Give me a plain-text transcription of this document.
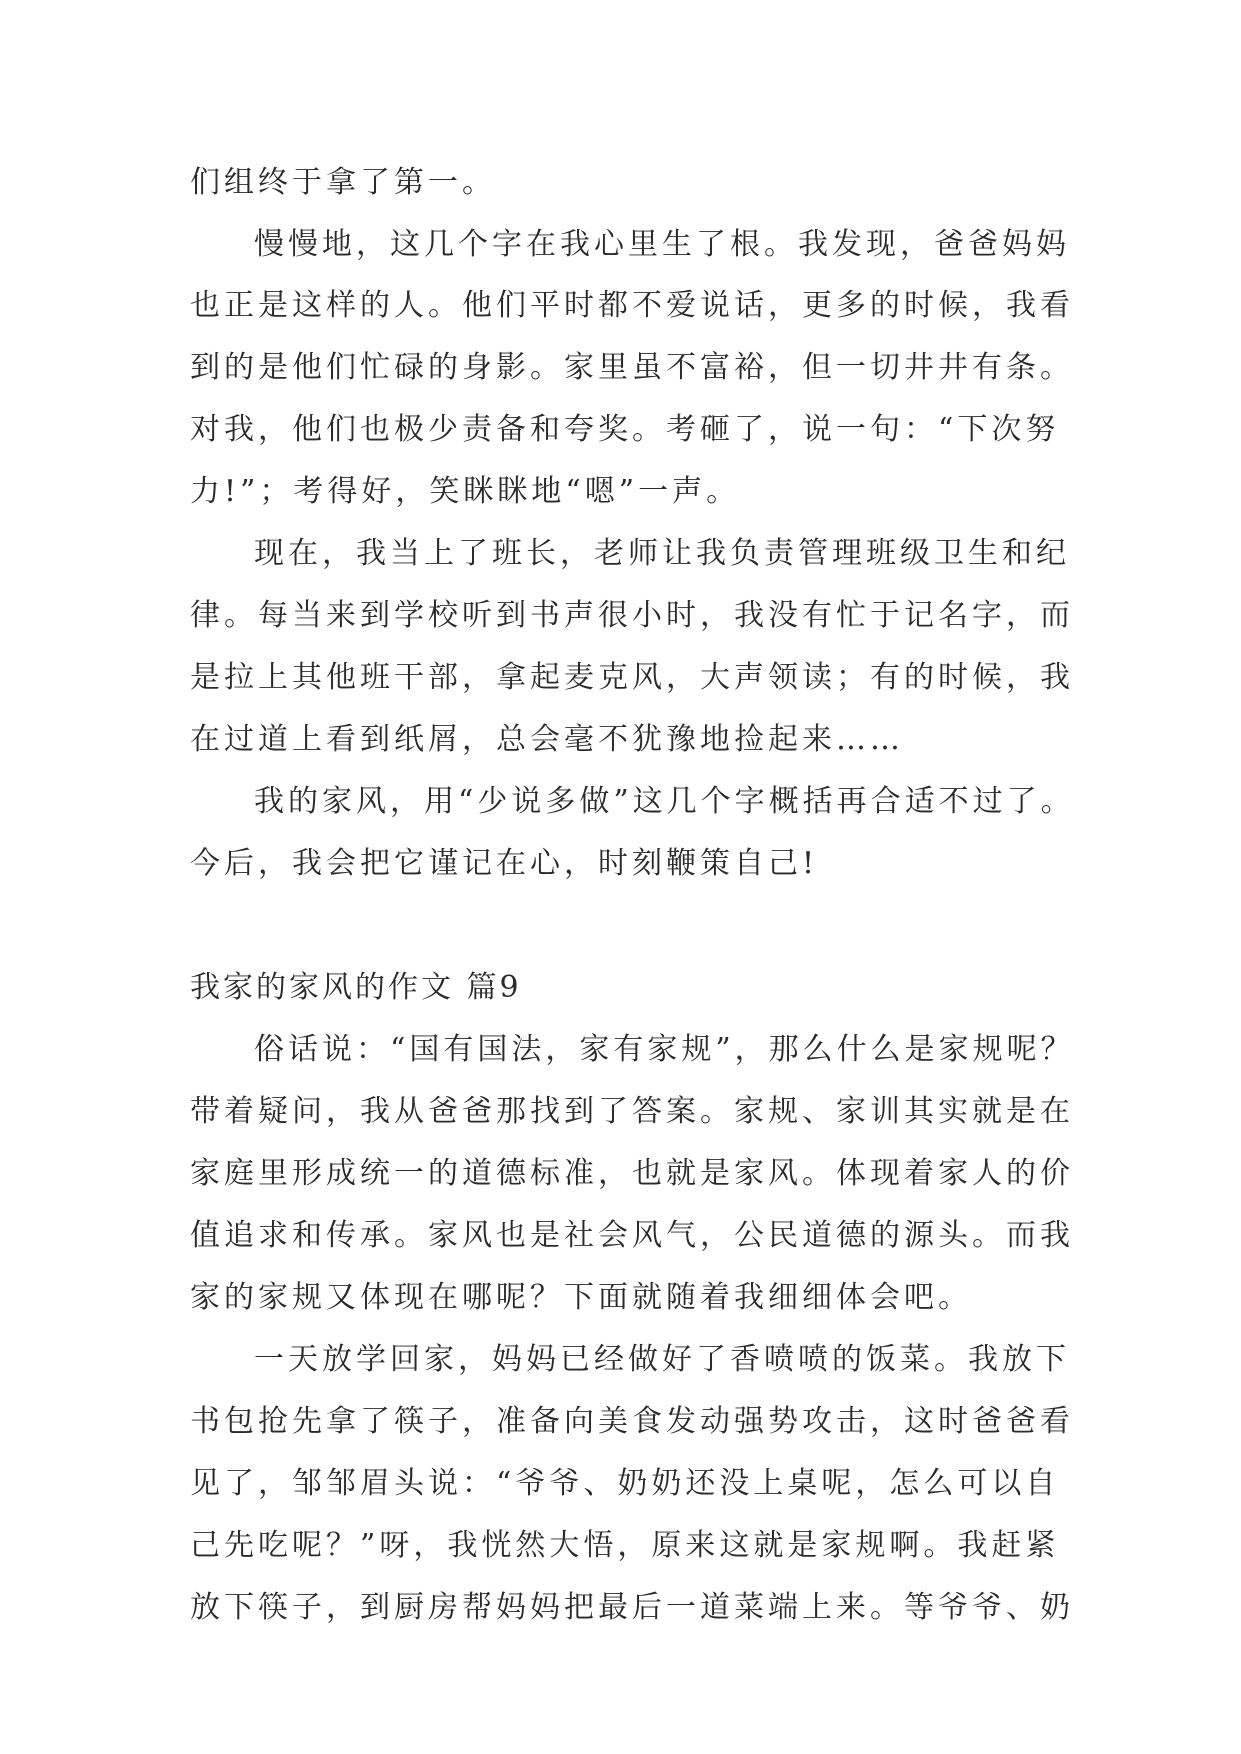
们组终于拿了第一。
慢慢地，这几个字在我心里生了根。我发现，爸爸妈妈
也正是这样的人。他们平时都不爱说话，更多的时候，我看
到的是他们忙碌的身影。家里虽不富裕，但一切井井有条。
对我，他们也极少责备和夸奖。考砸了，说一句：“下次努
力!”；考得好，笑眯眯地“嗯”一声。
现在，我当上了班长，老师让我负责管理班级卫生和纪
律。每当来到学校听到书声很小时，我没有忙于记名字，而
是拉上其他班干部，拿起麦克风，大声领读；有的时候，我
在过道上看到纸屑，总会毫不犹豫地捡起来……
我的家风，用“少说多做”这几个字概括再合适不过了。
今后，我会把它谨记在心，时刻鞭策自己!
我家的家风的作文 篇9
俗话说：“国有国法，家有家规”，那么什么是家规呢？
带着疑问，我从爸爸那找到了答案。家规、家训其实就是在
家庭里形成统一的道德标准，也就是家风。体现着家人的价
值追求和传承。家风也是社会风气，公民道德的源头。而我
家的家规又体现在哪呢？下面就随着我细细体会吧。
一天放学回家，妈妈已经做好了香喷喷的饭菜。我放下
书包抢先拿了筷子，准备向美食发动强势攻击，这时爸爸看
见了，邹邹眉头说：“爷爷、奶奶还没上桌呢，怎么可以自
己先吃呢？”呀，我恍然大悟，原来这就是家规啊。我赶紧
放下筷子，到厨房帮妈妈把最后一道菜端上来。等爷爷、奶
